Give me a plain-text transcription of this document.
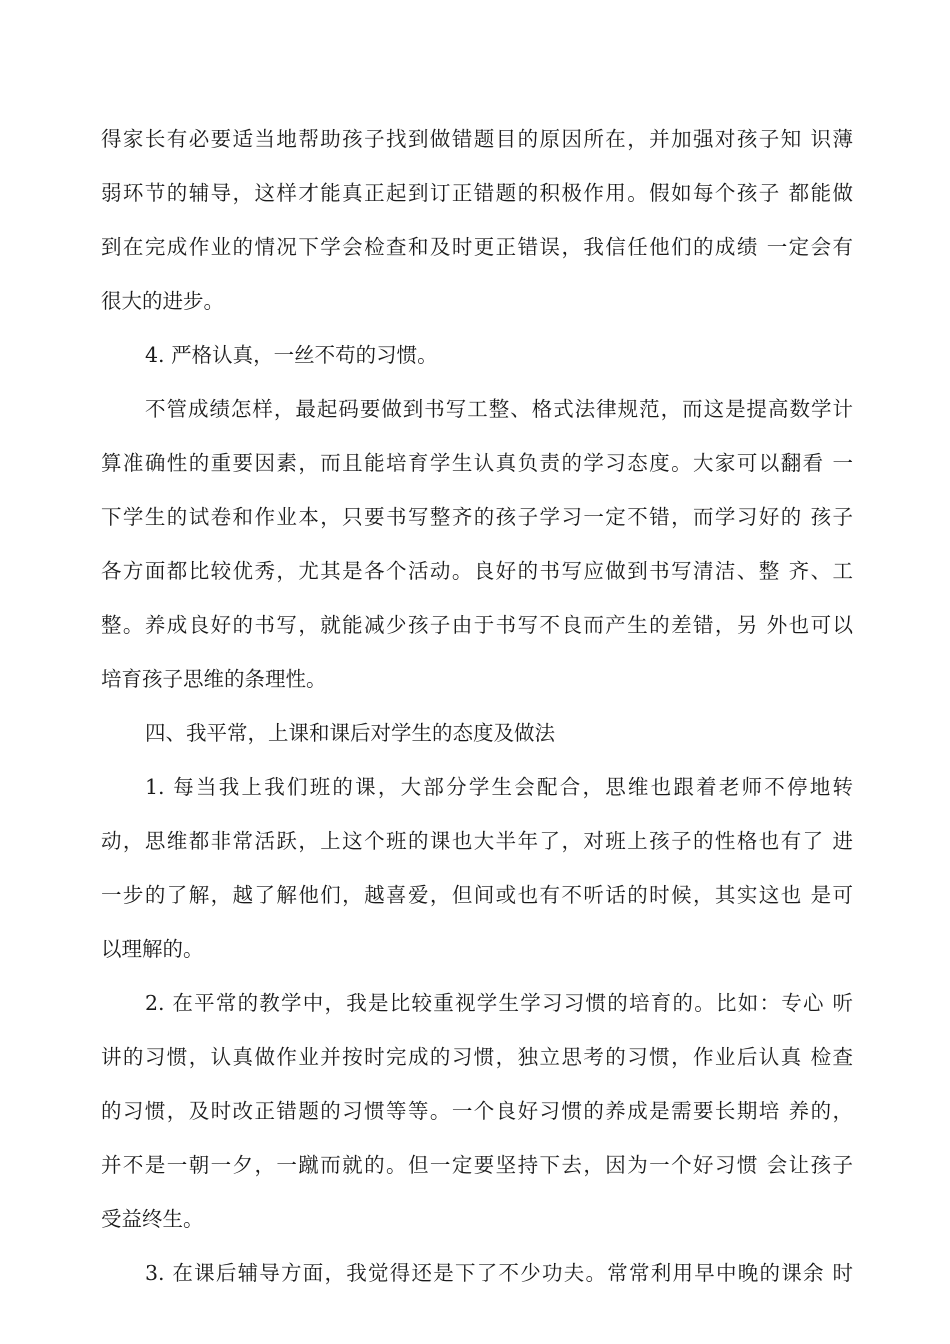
得家长有必要适当地帮助孩子找到做错题目的原因所在，并加强对孩子知 识薄
弱环节的辅导，这样才能真正起到订正错题的积极作用。假如每个孩子 都能做
到在完成作业的情况下学会检查和及时更正错误，我信任他们的成绩 一定会有
很大的进步。
4. 严格认真，一丝不苟的习惯。
不管成绩怎样，最起码要做到书写工整、格式法律规范，而这是提高数学计
算准确性的重要因素，而且能培育学生认真负责的学习态度。大家可以翻看 一
下学生的试卷和作业本，只要书写整齐的孩子学习一定不错，而学习好的 孩子
各方面都比较优秀，尤其是各个活动。良好的书写应做到书写清洁、整 齐、工
整。养成良好的书写，就能减少孩子由于书写不良而产生的差错，另 外也可以
培育孩子思维的条理性。
四、我平常，上课和课后对学生的态度及做法
1. 每当我上我们班的课，大部分学生会配合，思维也跟着老师不停地转
动，思维都非常活跃，上这个班的课也大半年了，对班上孩子的性格也有了 进
一步的了解，越了解他们，越喜爱，但间或也有不听话的时候，其实这也 是可
以理解的。
2. 在平常的教学中，我是比较重视学生学习习惯的培育的。比如：专心 听
讲的习惯，认真做作业并按时完成的习惯，独立思考的习惯，作业后认真 检查
的习惯，及时改正错题的习惯等等。一个良好习惯的养成是需要长期培 养的，
并不是一朝一夕，一蹴而就的。但一定要坚持下去，因为一个好习惯 会让孩子
受益终生。
3. 在课后辅导方面，我觉得还是下了不少功夫。常常利用早中晚的课余 时
